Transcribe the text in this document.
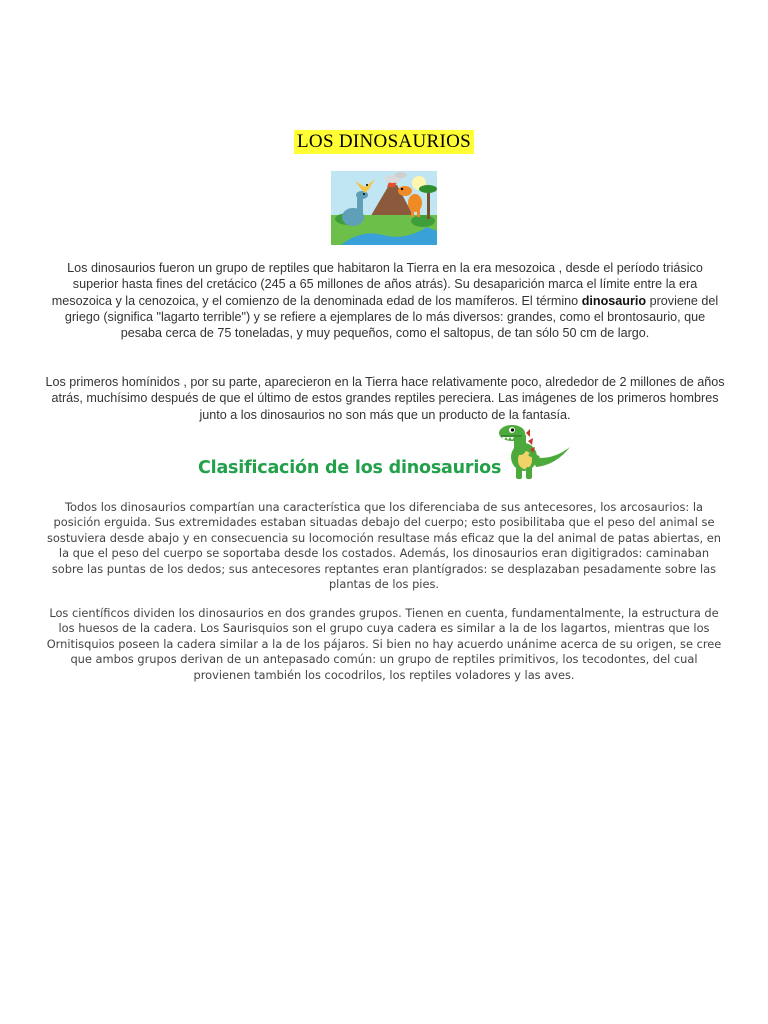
LOS DINOSAURIOS

Los dinosaurios fueron un grupo de reptiles que habitaron la Tierra en la era mesozoica , desde el período triásico superior hasta fines del cretácico (245 a 65 millones de años atrás). Su desaparición marca el límite entre la era mesozoica y la cenozoica, y el comienzo de la denominada edad de los mamíferos. El término dinosaurio proviene del griego (significa "lagarto terrible") y se refiere a ejemplares de lo más diversos: grandes, como el brontosaurio, que pesaba cerca de 75 toneladas, y muy pequeños, como el saltopus, de tan sólo 50 cm de largo.

Los primeros homínidos , por su parte, aparecieron en la Tierra hace relativamente poco, alrededor de 2 millones de años atrás, muchísimo después de que el último de estos grandes reptiles pereciera. Las imágenes de los primeros hombres junto a los dinosaurios no son más que un producto de la fantasía.

Clasificación de los dinosaurios

Todos los dinosaurios compartían una característica que los diferenciaba de sus antecesores, los arcosaurios: la posición erguida. Sus extremidades estaban situadas debajo del cuerpo; esto posibilitaba que el peso del animal se sostuviera desde abajo y en consecuencia su locomoción resultase más eficaz que la del animal de patas abiertas, en la que el peso del cuerpo se soportaba desde los costados. Además, los dinosaurios eran digitigrados: caminaban sobre las puntas de los dedos; sus antecesores reptantes eran plantígrados: se desplazaban pesadamente sobre las plantas de los pies.

Los científicos dividen los dinosaurios en dos grandes grupos. Tienen en cuenta, fundamentalmente, la estructura de los huesos de la cadera. Los Saurisquios son el grupo cuya cadera es similar a la de los lagartos, mientras que los Ornitisquios poseen la cadera similar a la de los pájaros. Si bien no hay acuerdo unánime acerca de su origen, se cree que ambos grupos derivan de un antepasado común: un grupo de reptiles primitivos, los tecodontes, del cual provienen también los cocodrilos, los reptiles voladores y las aves.
